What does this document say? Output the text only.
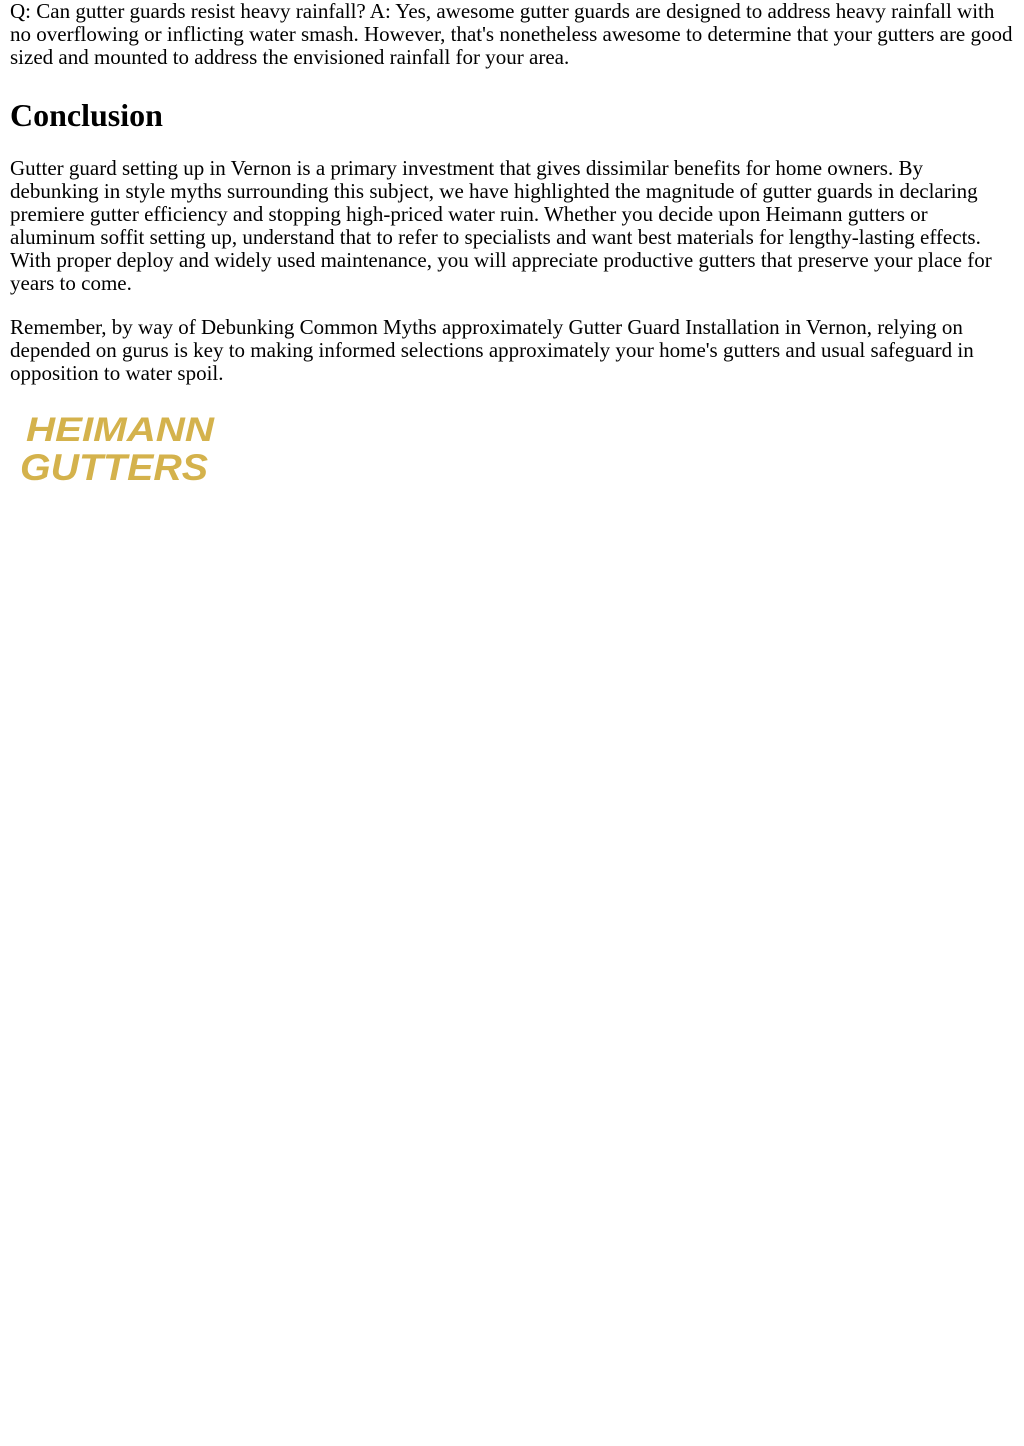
Q: Can gutter guards resist heavy rainfall? A: Yes, awesome gutter guards are designed to address heavy rainfall with no overflowing or inflicting water smash. However, that's nonetheless awesome to determine that your gutters are good sized and mounted to address the envisioned rainfall for your area.

Conclusion

Gutter guard setting up in Vernon is a primary investment that gives dissimilar benefits for home owners. By debunking in style myths surrounding this subject, we have highlighted the magnitude of gutter guards in declaring premiere gutter efficiency and stopping high-priced water ruin. Whether you decide upon Heimann gutters or aluminum soffit setting up, understand that to refer to specialists and want best materials for lengthy-lasting effects. With proper deploy and widely used maintenance, you will appreciate productive gutters that preserve your place for years to come.

Remember, by way of Debunking Common Myths approximately Gutter Guard Installation in Vernon, relying on depended on gurus is key to making informed selections approximately your home's gutters and usual safeguard in opposition to water spoil.

HEIMANN
GUTTERS
